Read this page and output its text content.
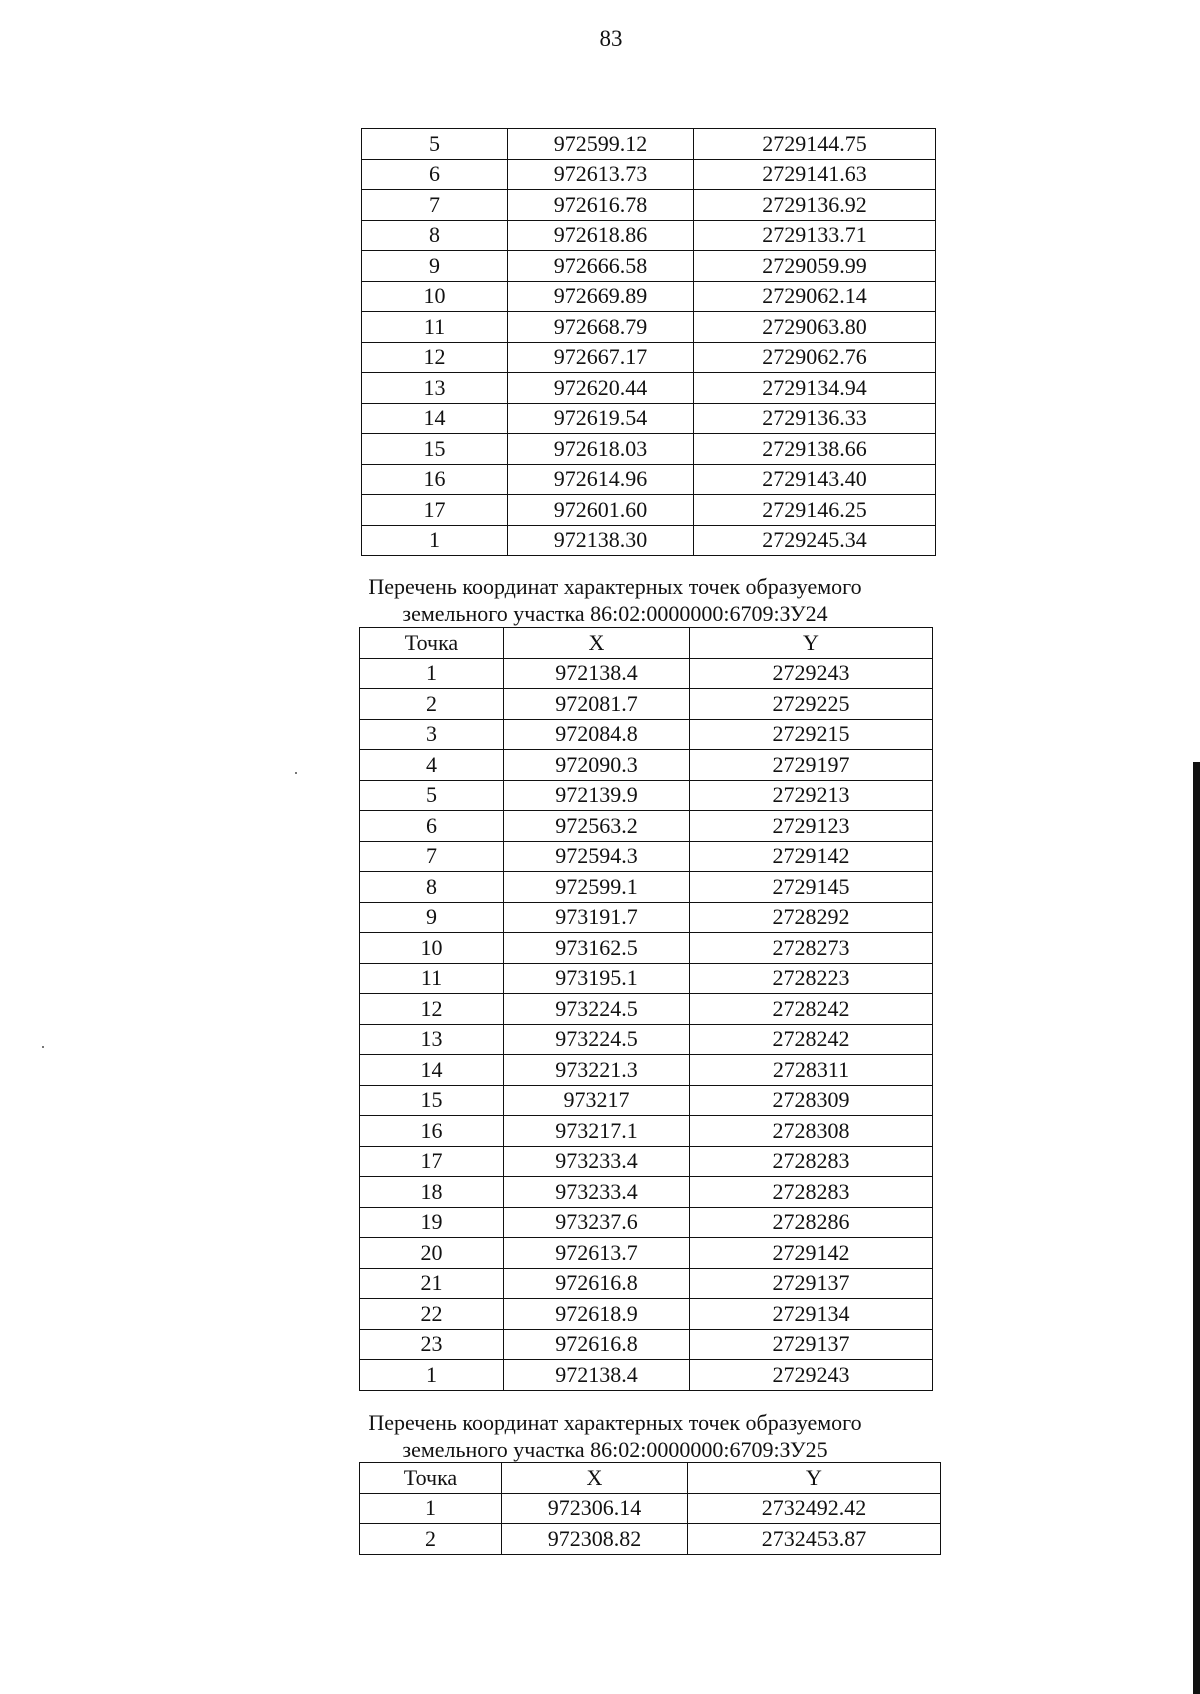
83
5	972599.12	2729144.75
6	972613.73	2729141.63
7	972616.78	2729136.92
8	972618.86	2729133.71
9	972666.58	2729059.99
10	972669.89	2729062.14
11	972668.79	2729063.80
12	972667.17	2729062.76
13	972620.44	2729134.94
14	972619.54	2729136.33
15	972618.03	2729138.66
16	972614.96	2729143.40
17	972601.60	2729146.25
1	972138.30	2729245.34
Перечень координат характерных точек образуемого
земельного участка 86:02:0000000:6709:ЗУ24
Точка	X	Y
1	972138.4	2729243
2	972081.7	2729225
3	972084.8	2729215
4	972090.3	2729197
5	972139.9	2729213
6	972563.2	2729123
7	972594.3	2729142
8	972599.1	2729145
9	973191.7	2728292
10	973162.5	2728273
11	973195.1	2728223
12	973224.5	2728242
13	973224.5	2728242
14	973221.3	2728311
15	973217	2728309
16	973217.1	2728308
17	973233.4	2728283
18	973233.4	2728283
19	973237.6	2728286
20	972613.7	2729142
21	972616.8	2729137
22	972618.9	2729134
23	972616.8	2729137
1	972138.4	2729243
Перечень координат характерных точек образуемого
земельного участка 86:02:0000000:6709:ЗУ25
Точка	X	Y
1	972306.14	2732492.42
2	972308.82	2732453.87
